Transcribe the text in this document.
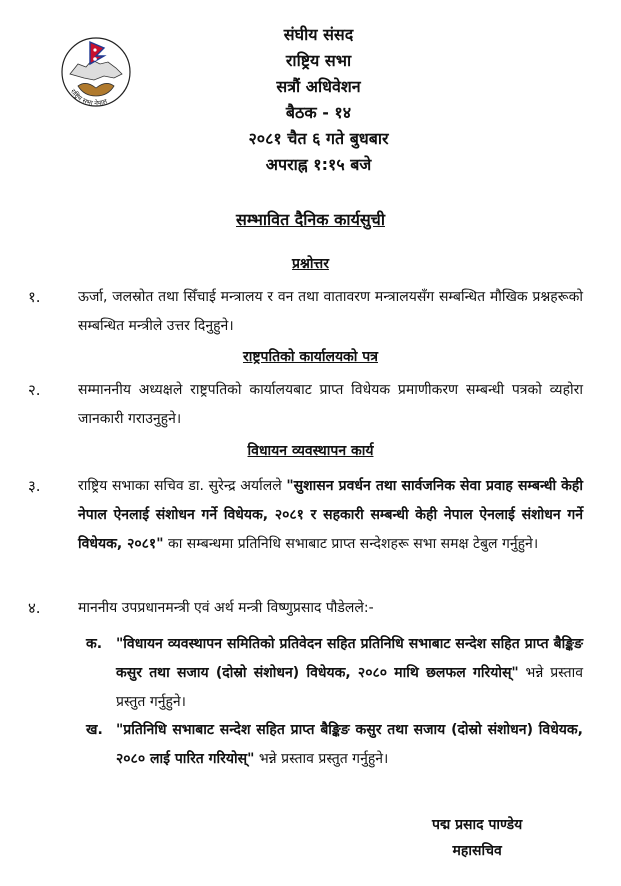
राष्ट्रिय सभा नेपाल
संघीय संसद
राष्ट्रिय सभा
सत्रौं अधिवेशन
बैठक - १४
२०८१ चैत ६ गते बुधबार
अपराह्न १:१५ बजे
सम्भावित दैनिक कार्यसुची
प्रश्नोत्तर
१.	ऊर्जा, जलस्रोत तथा सिँचाई मन्त्रालय र वन तथा वातावरण मन्त्रालयसँग सम्बन्धित मौखिक प्रश्नहरूको सम्बन्धित मन्त्रीले उत्तर दिनुहुने।
राष्ट्रपतिको कार्यालयको पत्र
२.	सम्माननीय अध्यक्षले राष्ट्रपतिको कार्यालयबाट प्राप्त विधेयक प्रमाणीकरण सम्बन्धी पत्रको व्यहोरा जानकारी गराउनुहुने।
विधायन व्यवस्थापन कार्य
३.	राष्ट्रिय सभाका सचिव डा. सुरेन्द्र अर्यालले "सुशासन प्रवर्धन तथा सार्वजनिक सेवा प्रवाह सम्बन्धी केही नेपाल ऐनलाई संशोधन गर्ने विधेयक, २०८१ र सहकारी सम्बन्धी केही नेपाल ऐनलाई संशोधन गर्ने विधेयक, २०८१" का सम्बन्धमा प्रतिनिधि सभाबाट प्राप्त सन्देशहरू सभा समक्ष टेबुल गर्नुहुने।
४.	माननीय उपप्रधानमन्त्री एवं अर्थ मन्त्री विष्णुप्रसाद पौडेलले:-
क. "विधायन व्यवस्थापन समितिको प्रतिवेदन सहित प्रतिनिधि सभाबाट सन्देश सहित प्राप्त बैङ्किङ कसुर तथा सजाय (दोस्रो संशोधन) विधेयक, २०८० माथि छलफल गरियोस्" भन्ने प्रस्ताव प्रस्तुत गर्नुहुने।
ख. "प्रतिनिधि सभाबाट सन्देश सहित प्राप्त बैङ्किङ कसुर तथा सजाय (दोस्रो संशोधन) विधेयक, २०८० लाई पारित गरियोस्" भन्ने प्रस्ताव प्रस्तुत गर्नुहुने।
पद्म प्रसाद पाण्डेय
महासचिव
